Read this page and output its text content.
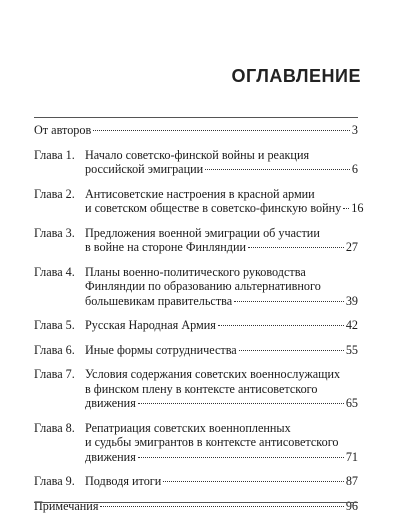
ОГЛАВЛЕНИЕ
От авторов	3
Глава 1. Начало советско-финской войны и реакция
российской эмиграции	6
Глава 2. Антисоветские настроения в красной армии
и советском обществе в советско-финскую войну 16
Глава 3. Предложения военной эмиграции об участии
в войне на стороне Финляндии	27
Глава 4. Планы военно-политического руководства
Финляндии по образованию альтернативного
большевикам правительства	39
Глава 5. Русская Народная Армия	42
Глава 6. Иные формы сотрудничества	55
Глава 7. Условия содержания советских военнослужащих
в финском плену в контексте антисоветского
движения	65
Глава 8. Репатриация советских военнопленных
и судьбы эмигрантов в контексте антисоветского
движения	71
Глава 9. Подводя итоги	87
Примечания	96
